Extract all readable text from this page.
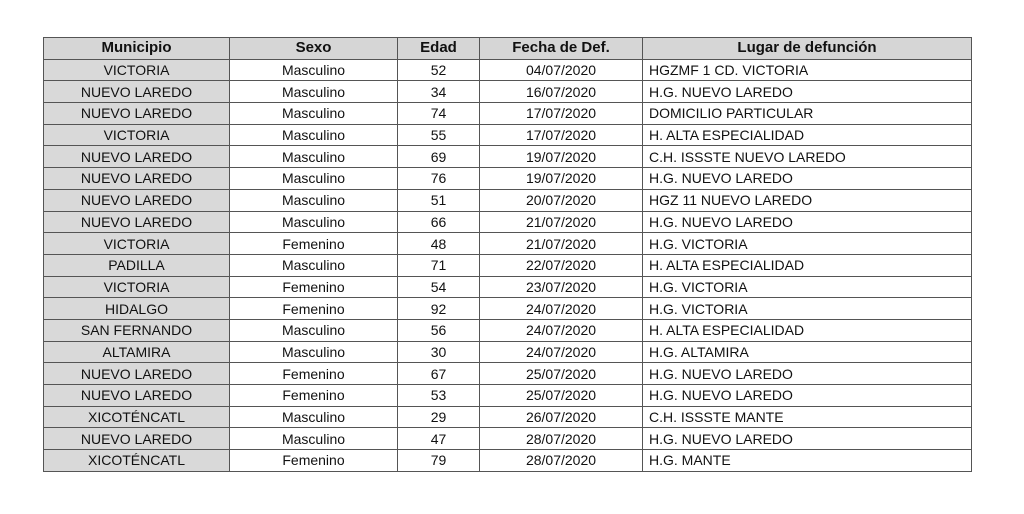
Municipio	Sexo	Edad	Fecha de Def.	Lugar de defunción
VICTORIA	Masculino	52	04/07/2020	HGZMF 1 CD. VICTORIA
NUEVO LAREDO	Masculino	34	16/07/2020	H.G. NUEVO LAREDO
NUEVO LAREDO	Masculino	74	17/07/2020	DOMICILIO PARTICULAR
VICTORIA	Masculino	55	17/07/2020	H. ALTA ESPECIALIDAD
NUEVO LAREDO	Masculino	69	19/07/2020	C.H. ISSSTE NUEVO LAREDO
NUEVO LAREDO	Masculino	76	19/07/2020	H.G. NUEVO LAREDO
NUEVO LAREDO	Masculino	51	20/07/2020	HGZ 11 NUEVO LAREDO
NUEVO LAREDO	Masculino	66	21/07/2020	H.G. NUEVO LAREDO
VICTORIA	Femenino	48	21/07/2020	H.G. VICTORIA
PADILLA	Masculino	71	22/07/2020	H. ALTA ESPECIALIDAD
VICTORIA	Femenino	54	23/07/2020	H.G. VICTORIA
HIDALGO	Femenino	92	24/07/2020	H.G. VICTORIA
SAN FERNANDO	Masculino	56	24/07/2020	H. ALTA ESPECIALIDAD
ALTAMIRA	Masculino	30	24/07/2020	H.G. ALTAMIRA
NUEVO LAREDO	Femenino	67	25/07/2020	H.G. NUEVO LAREDO
NUEVO LAREDO	Femenino	53	25/07/2020	H.G. NUEVO LAREDO
XICOTÉNCATL	Masculino	29	26/07/2020	C.H. ISSSTE MANTE
NUEVO LAREDO	Masculino	47	28/07/2020	H.G. NUEVO LAREDO
XICOTÉNCATL	Femenino	79	28/07/2020	H.G. MANTE
